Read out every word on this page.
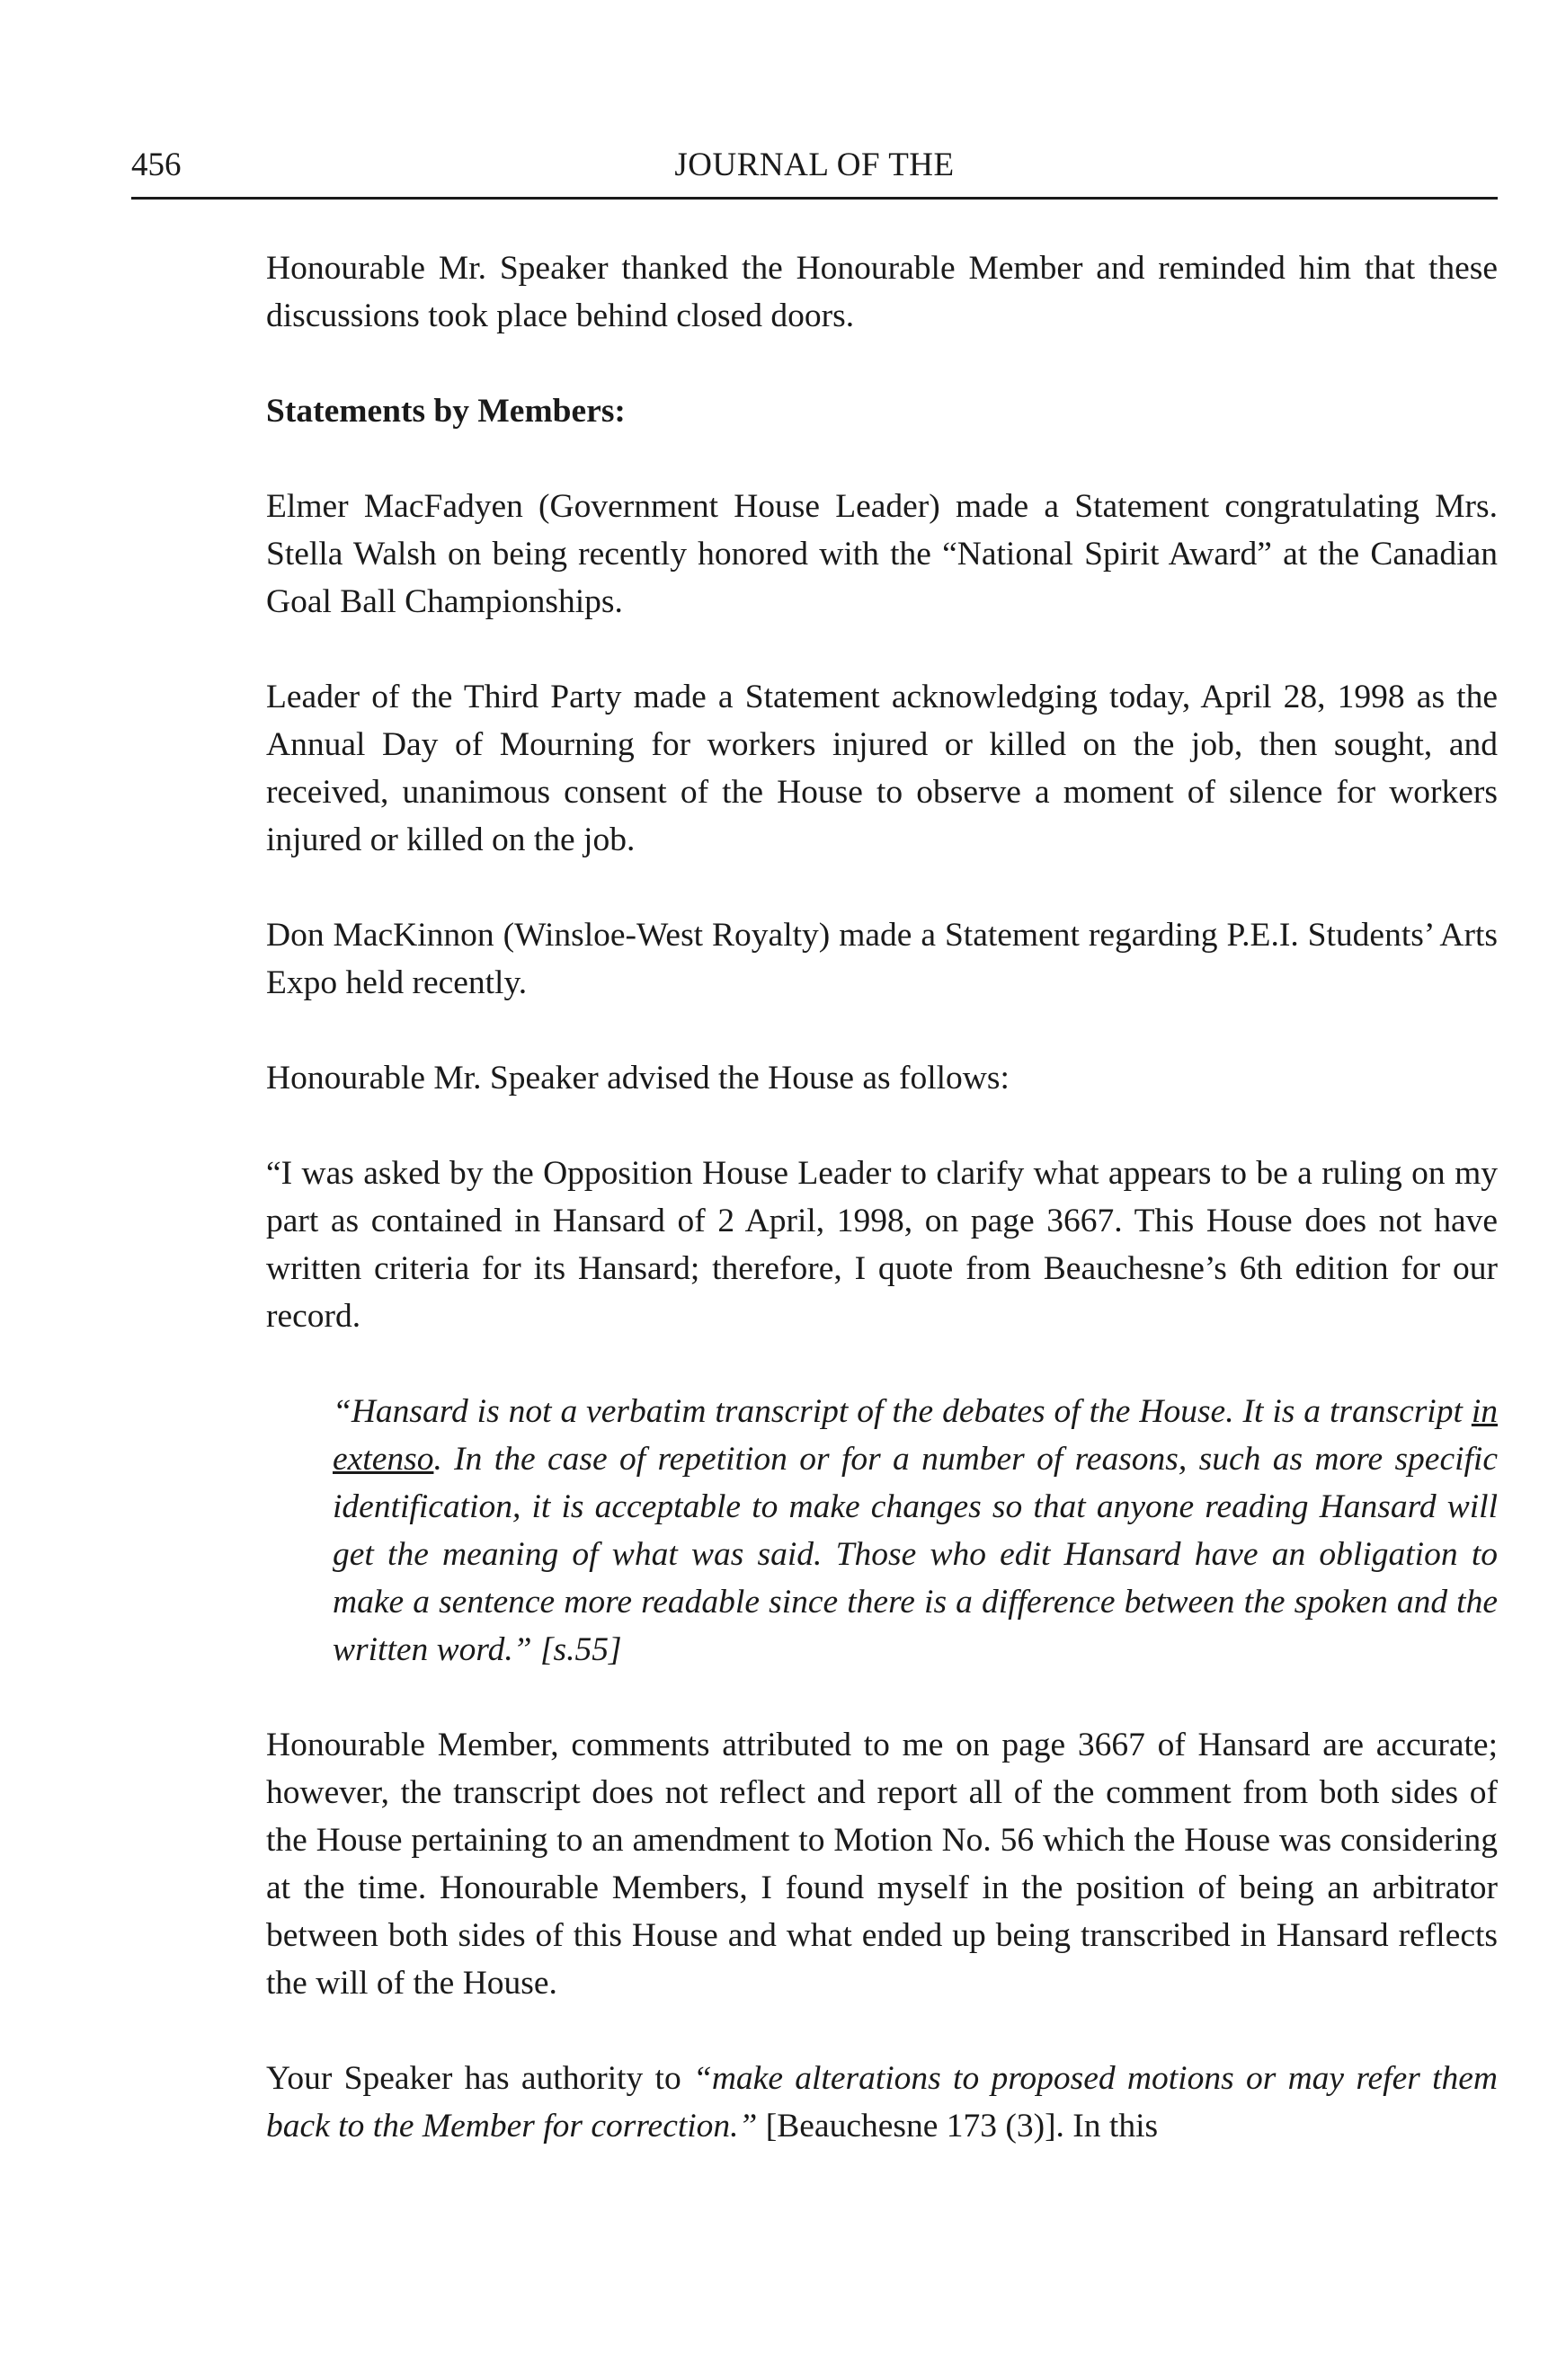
456	JOURNAL OF THE

Honourable Mr. Speaker thanked the Honourable Member and reminded him that these discussions took place behind closed doors.

Statements by Members:

Elmer MacFadyen (Government House Leader) made a Statement congratulating Mrs. Stella Walsh on being recently honored with the “National Spirit Award” at the Canadian Goal Ball Championships.

Leader of the Third Party made a Statement acknowledging today, April 28, 1998 as the Annual Day of Mourning for workers injured or killed on the job, then sought, and received, unanimous consent of the House to observe a moment of silence for workers injured or killed on the job.

Don MacKinnon (Winsloe-West Royalty) made a Statement regarding P.E.I. Students’ Arts Expo held recently.

Honourable Mr. Speaker advised the House as follows:

“I was asked by the Opposition House Leader to clarify what appears to be a ruling on my part as contained in Hansard of 2 April, 1998, on page 3667. This House does not have written criteria for its Hansard; therefore, I quote from Beauchesne’s 6th edition for our record.

“Hansard is not a verbatim transcript of the debates of the House. It is a transcript in extenso. In the case of repetition or for a number of reasons, such as more specific identification, it is acceptable to make changes so that anyone reading Hansard will get the meaning of what was said. Those who edit Hansard have an obligation to make a sentence more readable since there is a difference between the spoken and the written word.” [s.55]

Honourable Member, comments attributed to me on page 3667 of Hansard are accurate; however, the transcript does not reflect and report all of the comment from both sides of the House pertaining to an amendment to Motion No. 56 which the House was considering at the time. Honourable Members, I found myself in the position of being an arbitrator between both sides of this House and what ended up being transcribed in Hansard reflects the will of the House.

Your Speaker has authority to “make alterations to proposed motions or may refer them back to the Member for correction.” [Beauchesne 173 (3)]. In this
